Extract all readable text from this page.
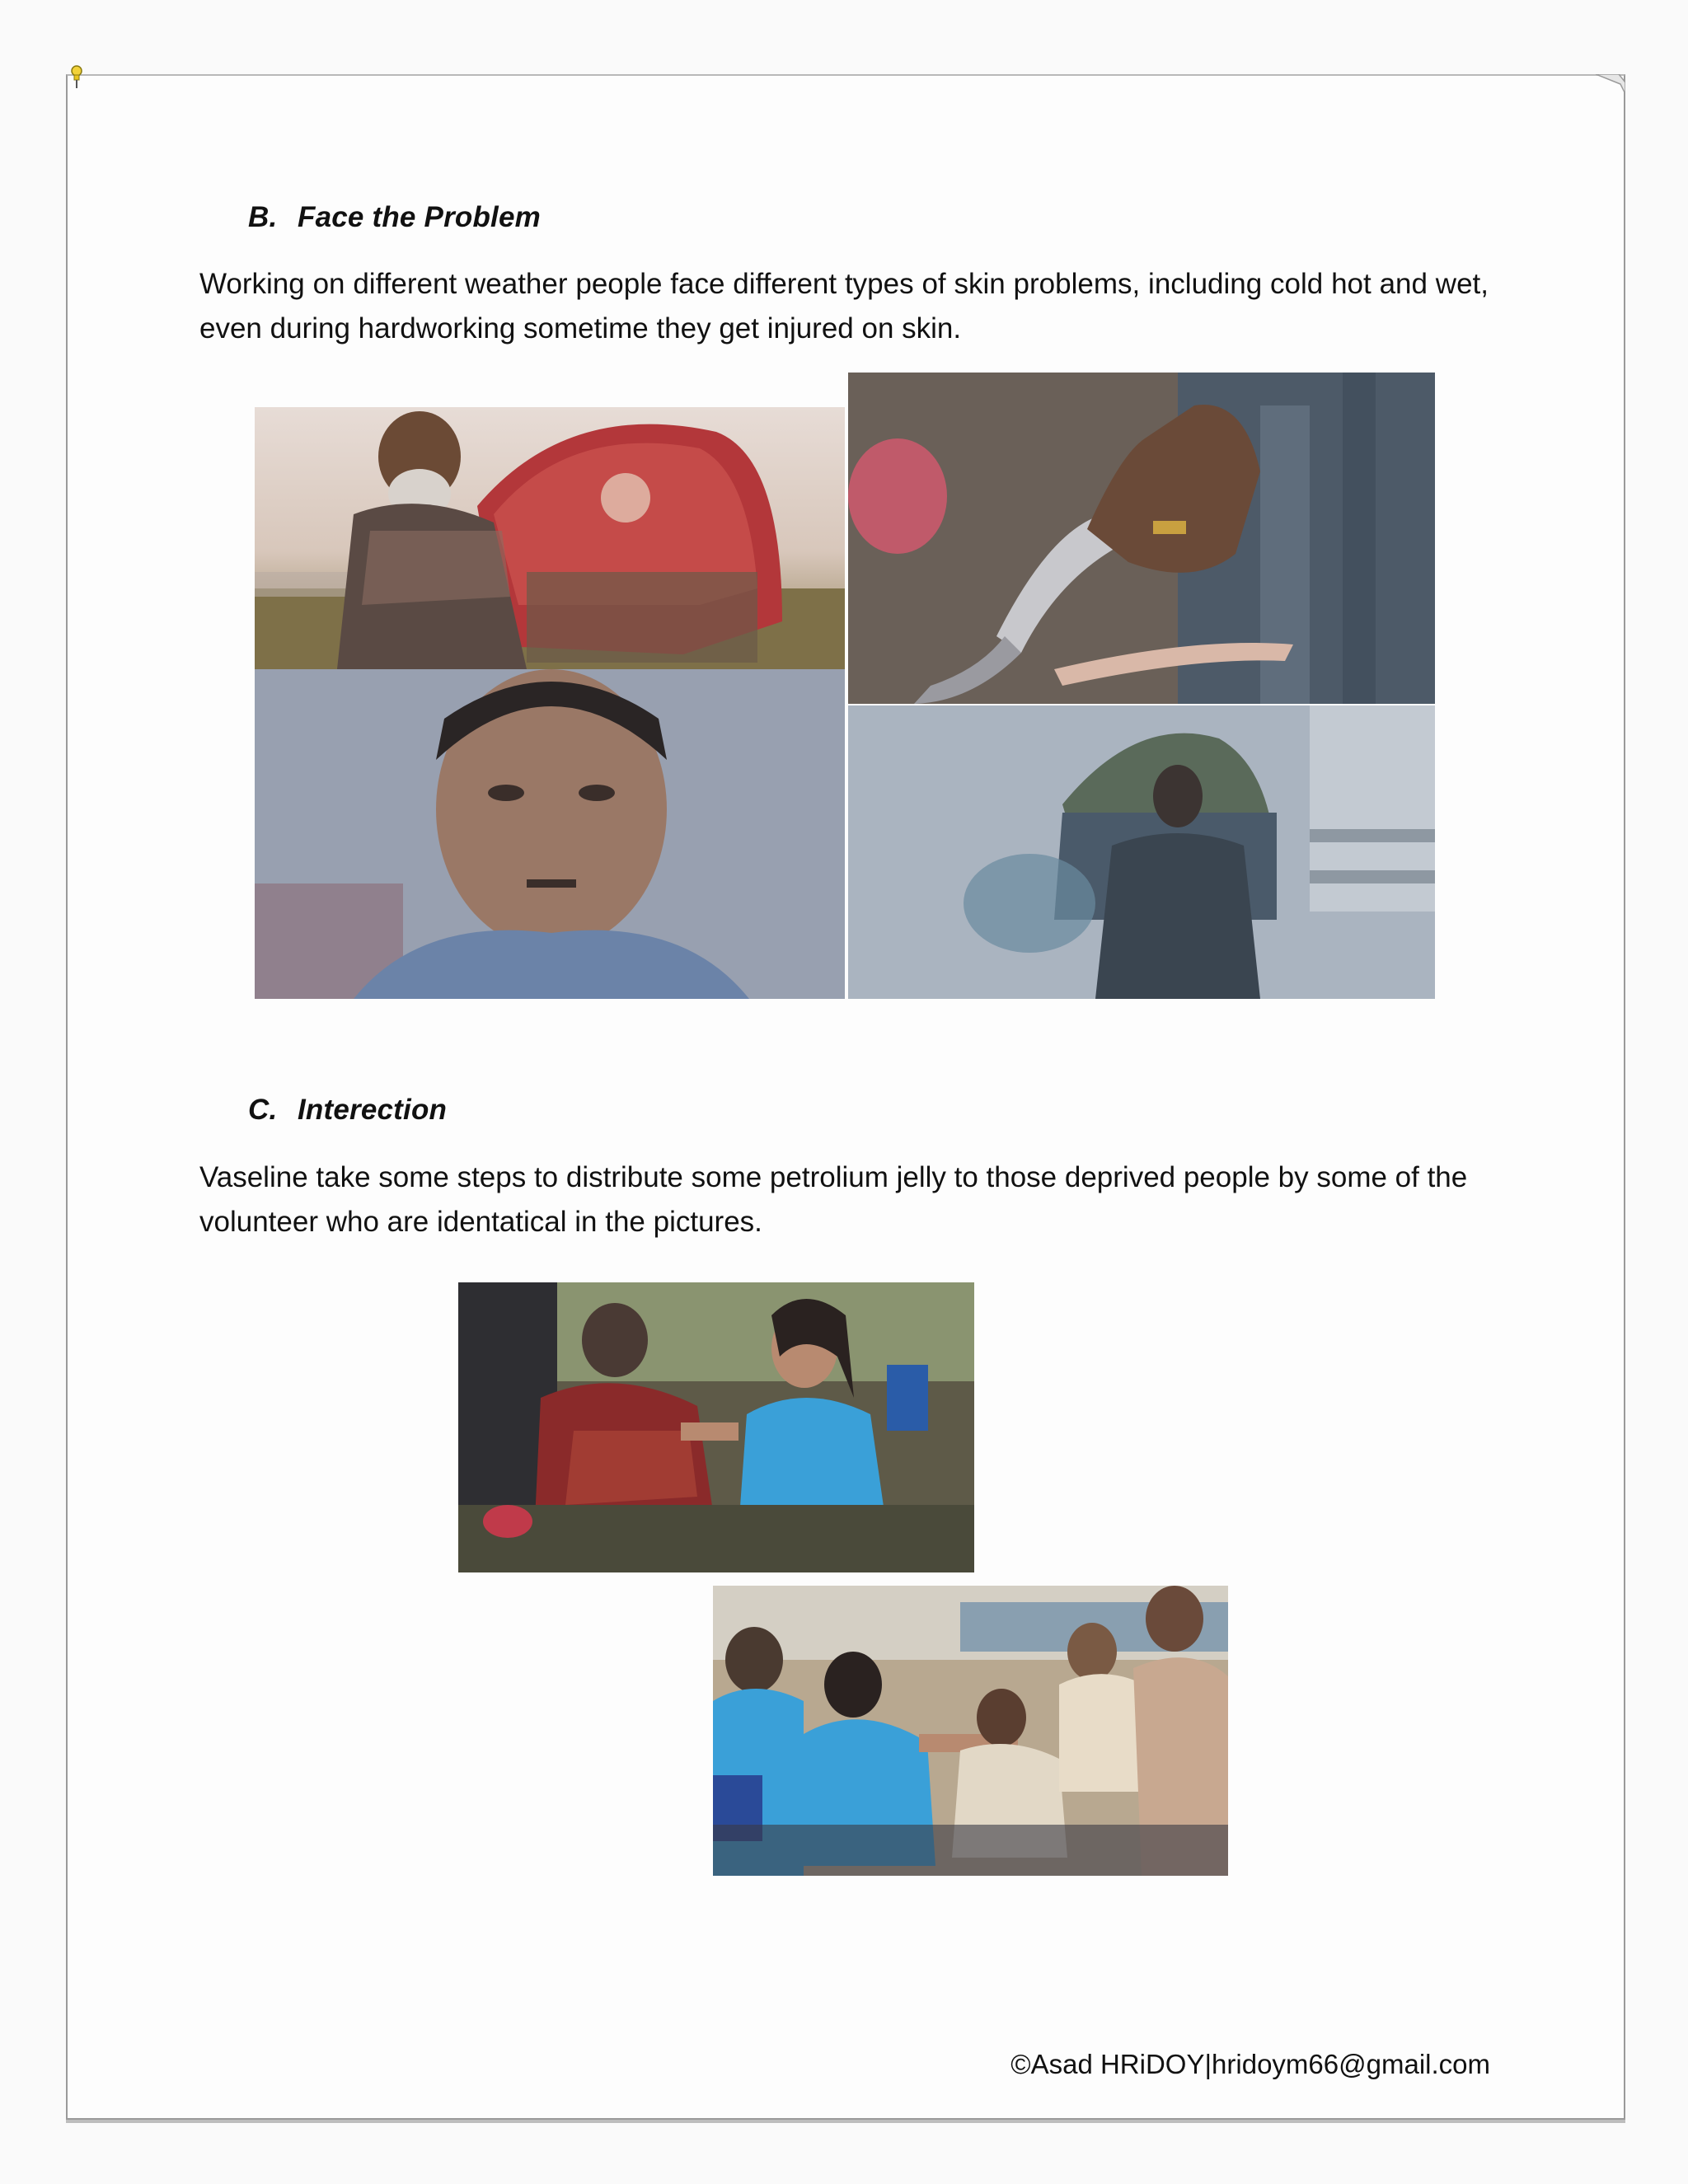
B. Face the Problem
Working on different weather people face different types of skin problems, including cold hot and wet, even during hardworking sometime they get injured on skin.
C. Interection
Vaseline take some steps to distribute some petrolium jelly to those deprived people by some of the volunteer who are identatical in the pictures.
©Asad HRiDOY|hridoym66@gmail.com
